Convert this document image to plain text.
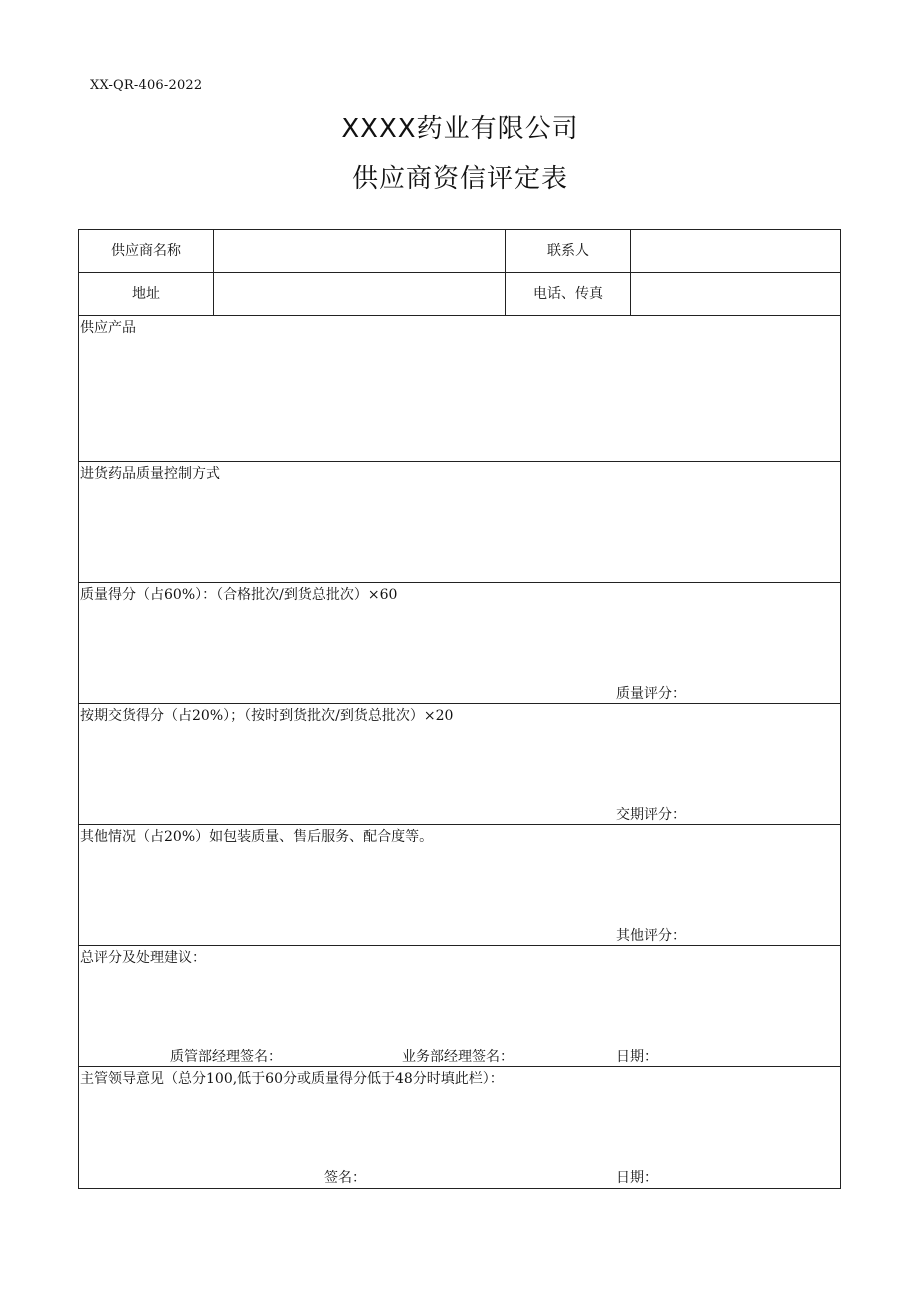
XX-QR-406-2022
XXXX药业有限公司
供应商资信评定表
供应商名称	联系人
地址	电话、传真
供应产品
进货药品质量控制方式
质量得分（占60%）：（合格批次/到货总批次）×60
质量评分：
按期交货得分（占20%）；（按时到货批次/到货总批次）×20
交期评分：
其他情况（占20%）如包装质量、售后服务、配合度等。
其他评分：
总评分及处理建议：
质管部经理签名：	业务部经理签名：	日期：
主管领导意见（总分100,低于60分或质量得分低于48分时填此栏）：
签名：	日期：
